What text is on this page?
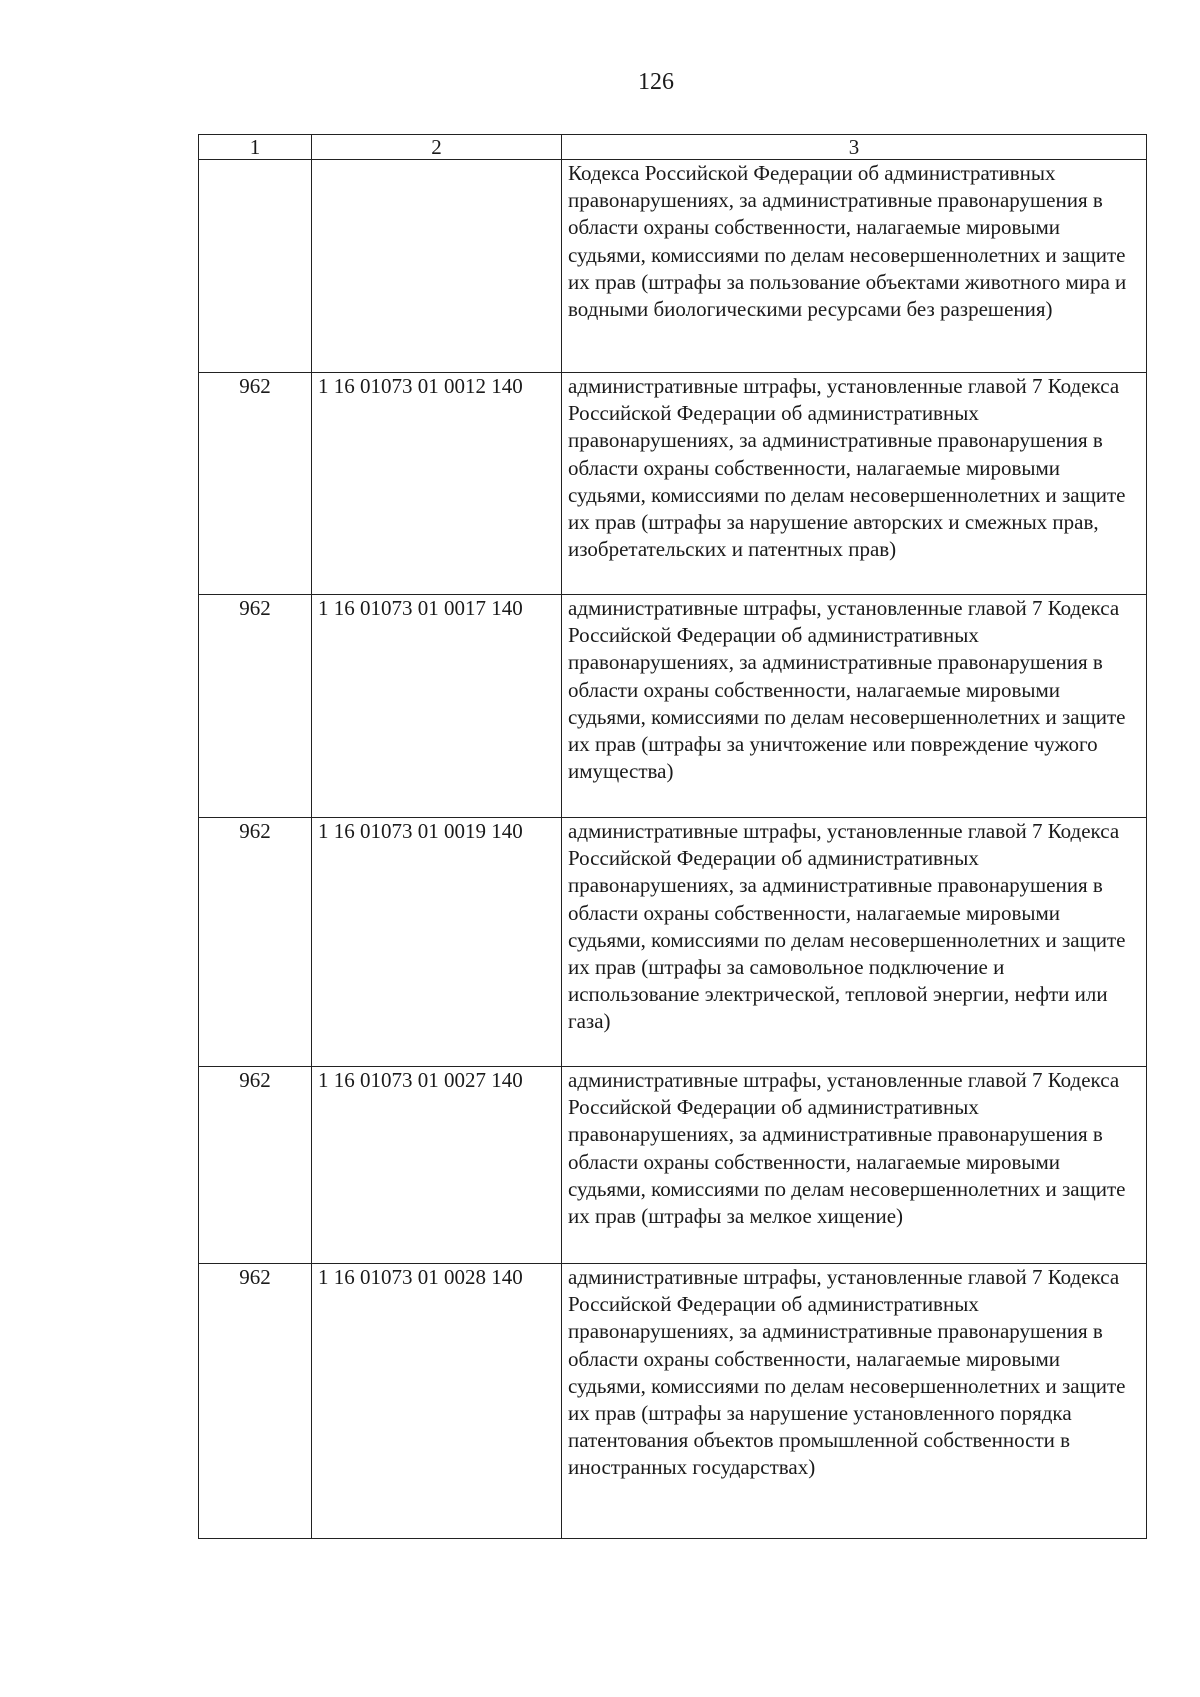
126
1	2	3
		Кодекса Российской Федерации об административных правонарушениях, за административные правонарушения в области охраны собственности, налагаемые мировыми судьями, комиссиями по делам несовершеннолетних и защите их прав (штрафы за пользование объектами животного мира и водными биологическими ресурсами без разрешения)
962	1 16 01073 01 0012 140	административные штрафы, установленные главой 7 Кодекса Российской Федерации об административных правонарушениях, за административные правонарушения в области охраны собственности, налагаемые мировыми судьями, комиссиями по делам несовершеннолетних и защите их прав (штрафы за нарушение авторских и смежных прав, изобретательских и патентных прав)
962	1 16 01073 01 0017 140	административные штрафы, установленные главой 7 Кодекса Российской Федерации об административных правонарушениях, за административные правонарушения в области охраны собственности, налагаемые мировыми судьями, комиссиями по делам несовершеннолетних и защите их прав (штрафы за уничтожение или повреждение чужого имущества)
962	1 16 01073 01 0019 140	административные штрафы, установленные главой 7 Кодекса Российской Федерации об административных правонарушениях, за административные правонарушения в области охраны собственности, налагаемые мировыми судьями, комиссиями по делам несовершеннолетних и защите их прав (штрафы за самовольное подключение и использование электрической, тепловой энергии, нефти или газа)
962	1 16 01073 01 0027 140	административные штрафы, установленные главой 7 Кодекса Российской Федерации об административных правонарушениях, за административные правонарушения в области охраны собственности, налагаемые мировыми судьями, комиссиями по делам несовершеннолетних и защите их прав (штрафы за мелкое хищение)
962	1 16 01073 01 0028 140	административные штрафы, установленные главой 7 Кодекса Российской Федерации об административных правонарушениях, за административные правонарушения в области охраны собственности, налагаемые мировыми судьями, комиссиями по делам несовершеннолетних и защите их прав (штрафы за нарушение установленного порядка патентования объектов промышленной собственности в иностранных государствах)
